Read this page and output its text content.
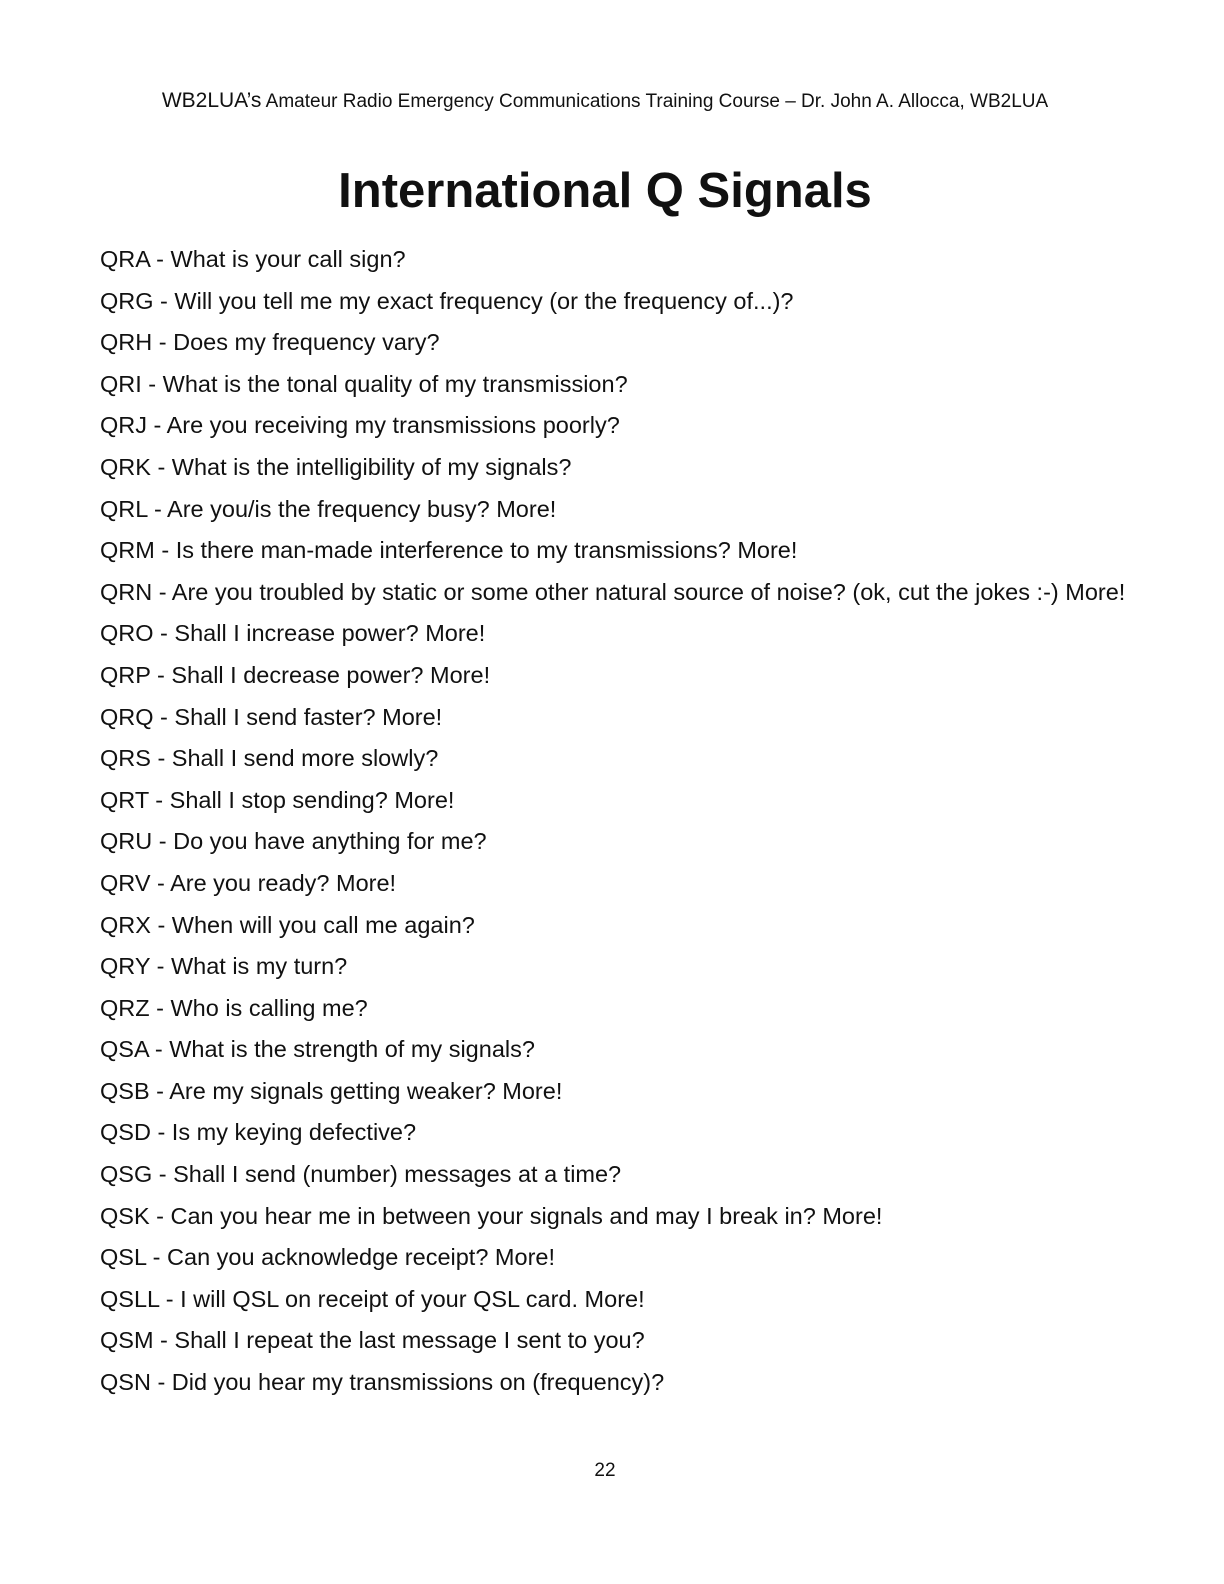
WB2LUA’s Amateur Radio Emergency Communications Training Course – Dr. John A. Allocca, WB2LUA
International Q Signals
QRA - What is your call sign?
QRG - Will you tell me my exact frequency (or the frequency of...)?
QRH - Does my frequency vary?
QRI - What is the tonal quality of my transmission?
QRJ - Are you receiving my transmissions poorly?
QRK - What is the intelligibility of my signals?
QRL - Are you/is the frequency busy? More!
QRM - Is there man-made interference to my transmissions? More!
QRN - Are you troubled by static or some other natural source of noise? (ok, cut the jokes :-) More!
QRO - Shall I increase power? More!
QRP - Shall I decrease power? More!
QRQ - Shall I send faster? More!
QRS - Shall I send more slowly?
QRT - Shall I stop sending? More!
QRU - Do you have anything for me?
QRV - Are you ready? More!
QRX - When will you call me again?
QRY - What is my turn?
QRZ - Who is calling me?
QSA - What is the strength of my signals?
QSB - Are my signals getting weaker? More!
QSD - Is my keying defective?
QSG - Shall I send (number) messages at a time?
QSK - Can you hear me in between your signals and may I break in? More!
QSL - Can you acknowledge receipt? More!
QSLL - I will QSL on receipt of your QSL card. More!
QSM - Shall I repeat the last message I sent to you?
QSN - Did you hear my transmissions on (frequency)?
22
